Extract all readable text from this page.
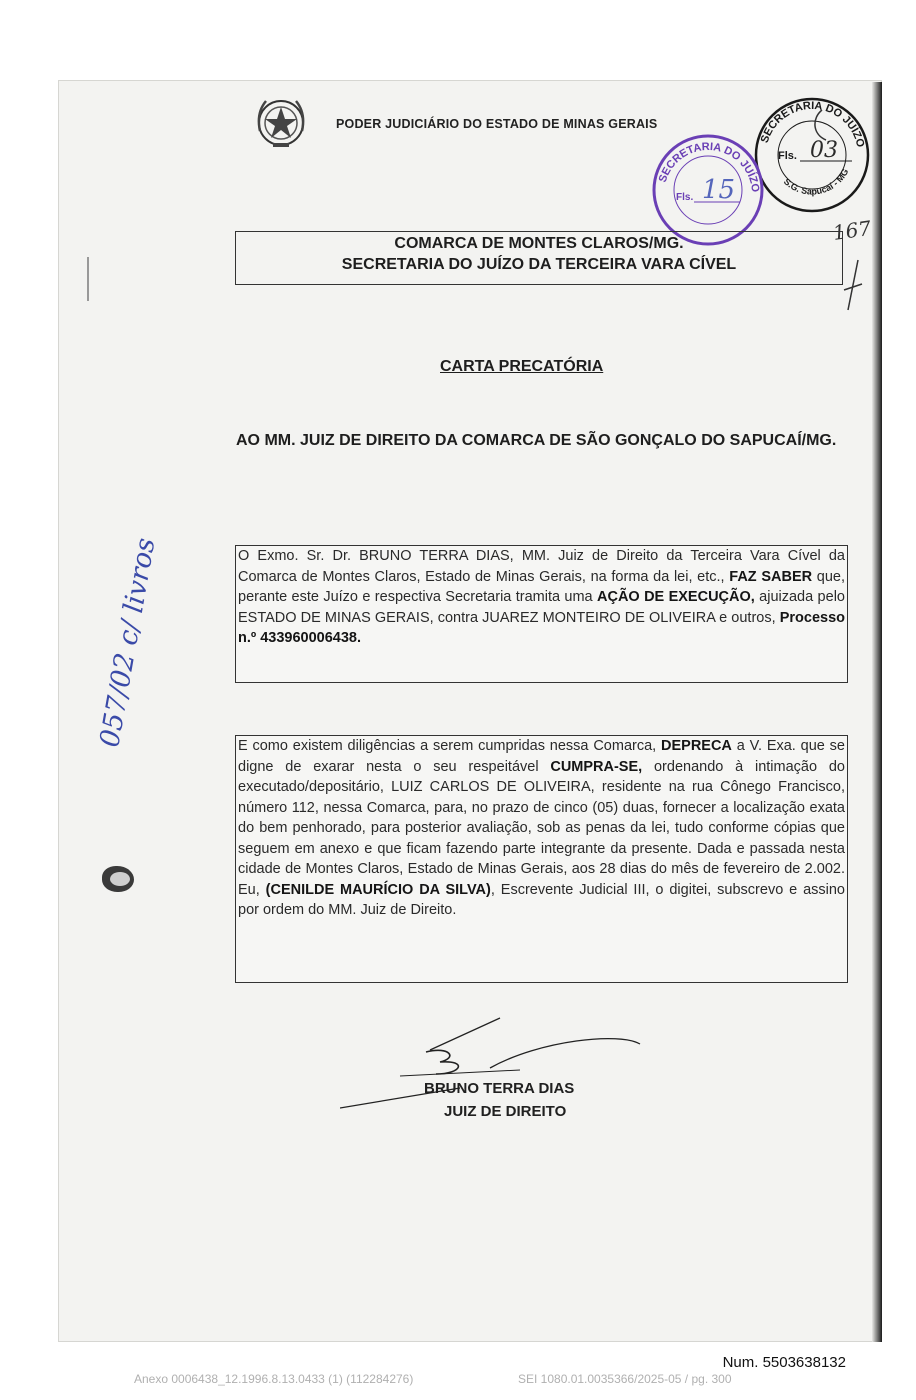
PODER JUDICIÁRIO DO ESTADO DE MINAS GERAIS
SECRETARIA DO JUÍZO
S.G. Sapucaí - MG
Fls. 03
SECRETARIA DO JUÍZO
Fls. 15
167
COMARCA DE MONTES CLAROS/MG.
SECRETARIA DO JUÍZO DA TERCEIRA VARA CÍVEL
CARTA PRECATÓRIA
AO MM. JUIZ DE DIREITO DA COMARCA DE SÃO GONÇALO DO SAPUCAÍ/MG.
057/02 c/ livros	O Exmo. Sr. Dr. BRUNO TERRA DIAS, MM. Juiz de Direito da Terceira Vara Cível da Comarca de Montes Claros, Estado de Minas Gerais, na forma da lei, etc., FAZ SABER que, perante este Juízo e respectiva Secretaria tramita uma AÇÃO DE EXECUÇÃO, ajuizada pelo ESTADO DE MINAS GERAIS, contra JUAREZ MONTEIRO DE OLIVEIRA e outros, Processo n.º 433960006438.
E como existem diligências a serem cumpridas nessa Comarca, DEPRECA a V. Exa. que se digne de exarar nesta o seu respeitável CUMPRA-SE, ordenando à intimação do executado/depositário, LUIZ CARLOS DE OLIVEIRA, residente na rua Cônego Francisco, número 112, nessa Comarca, para, no prazo de cinco (05) duas, fornecer a localização exata do bem penhorado, para posterior avaliação, sob as penas da lei, tudo conforme cópias que seguem em anexo e que ficam fazendo parte integrante da presente. Dada e passada nesta cidade de Montes Claros, Estado de Minas Gerais, aos 28 dias do mês de fevereiro de 2.002. Eu, (CENILDE MAURÍCIO DA SILVA), Escrevente Judicial III, o digitei, subscrevo e assino por ordem do MM. Juiz de Direito.
BRUNO TERRA DIAS
JUIZ DE DIREITO
Num. 5503638132
Anexo 0006438_12.1996.8.13.0433 (1) (112284276)	SEI 1080.01.0035366/2025-05 / pg. 300
